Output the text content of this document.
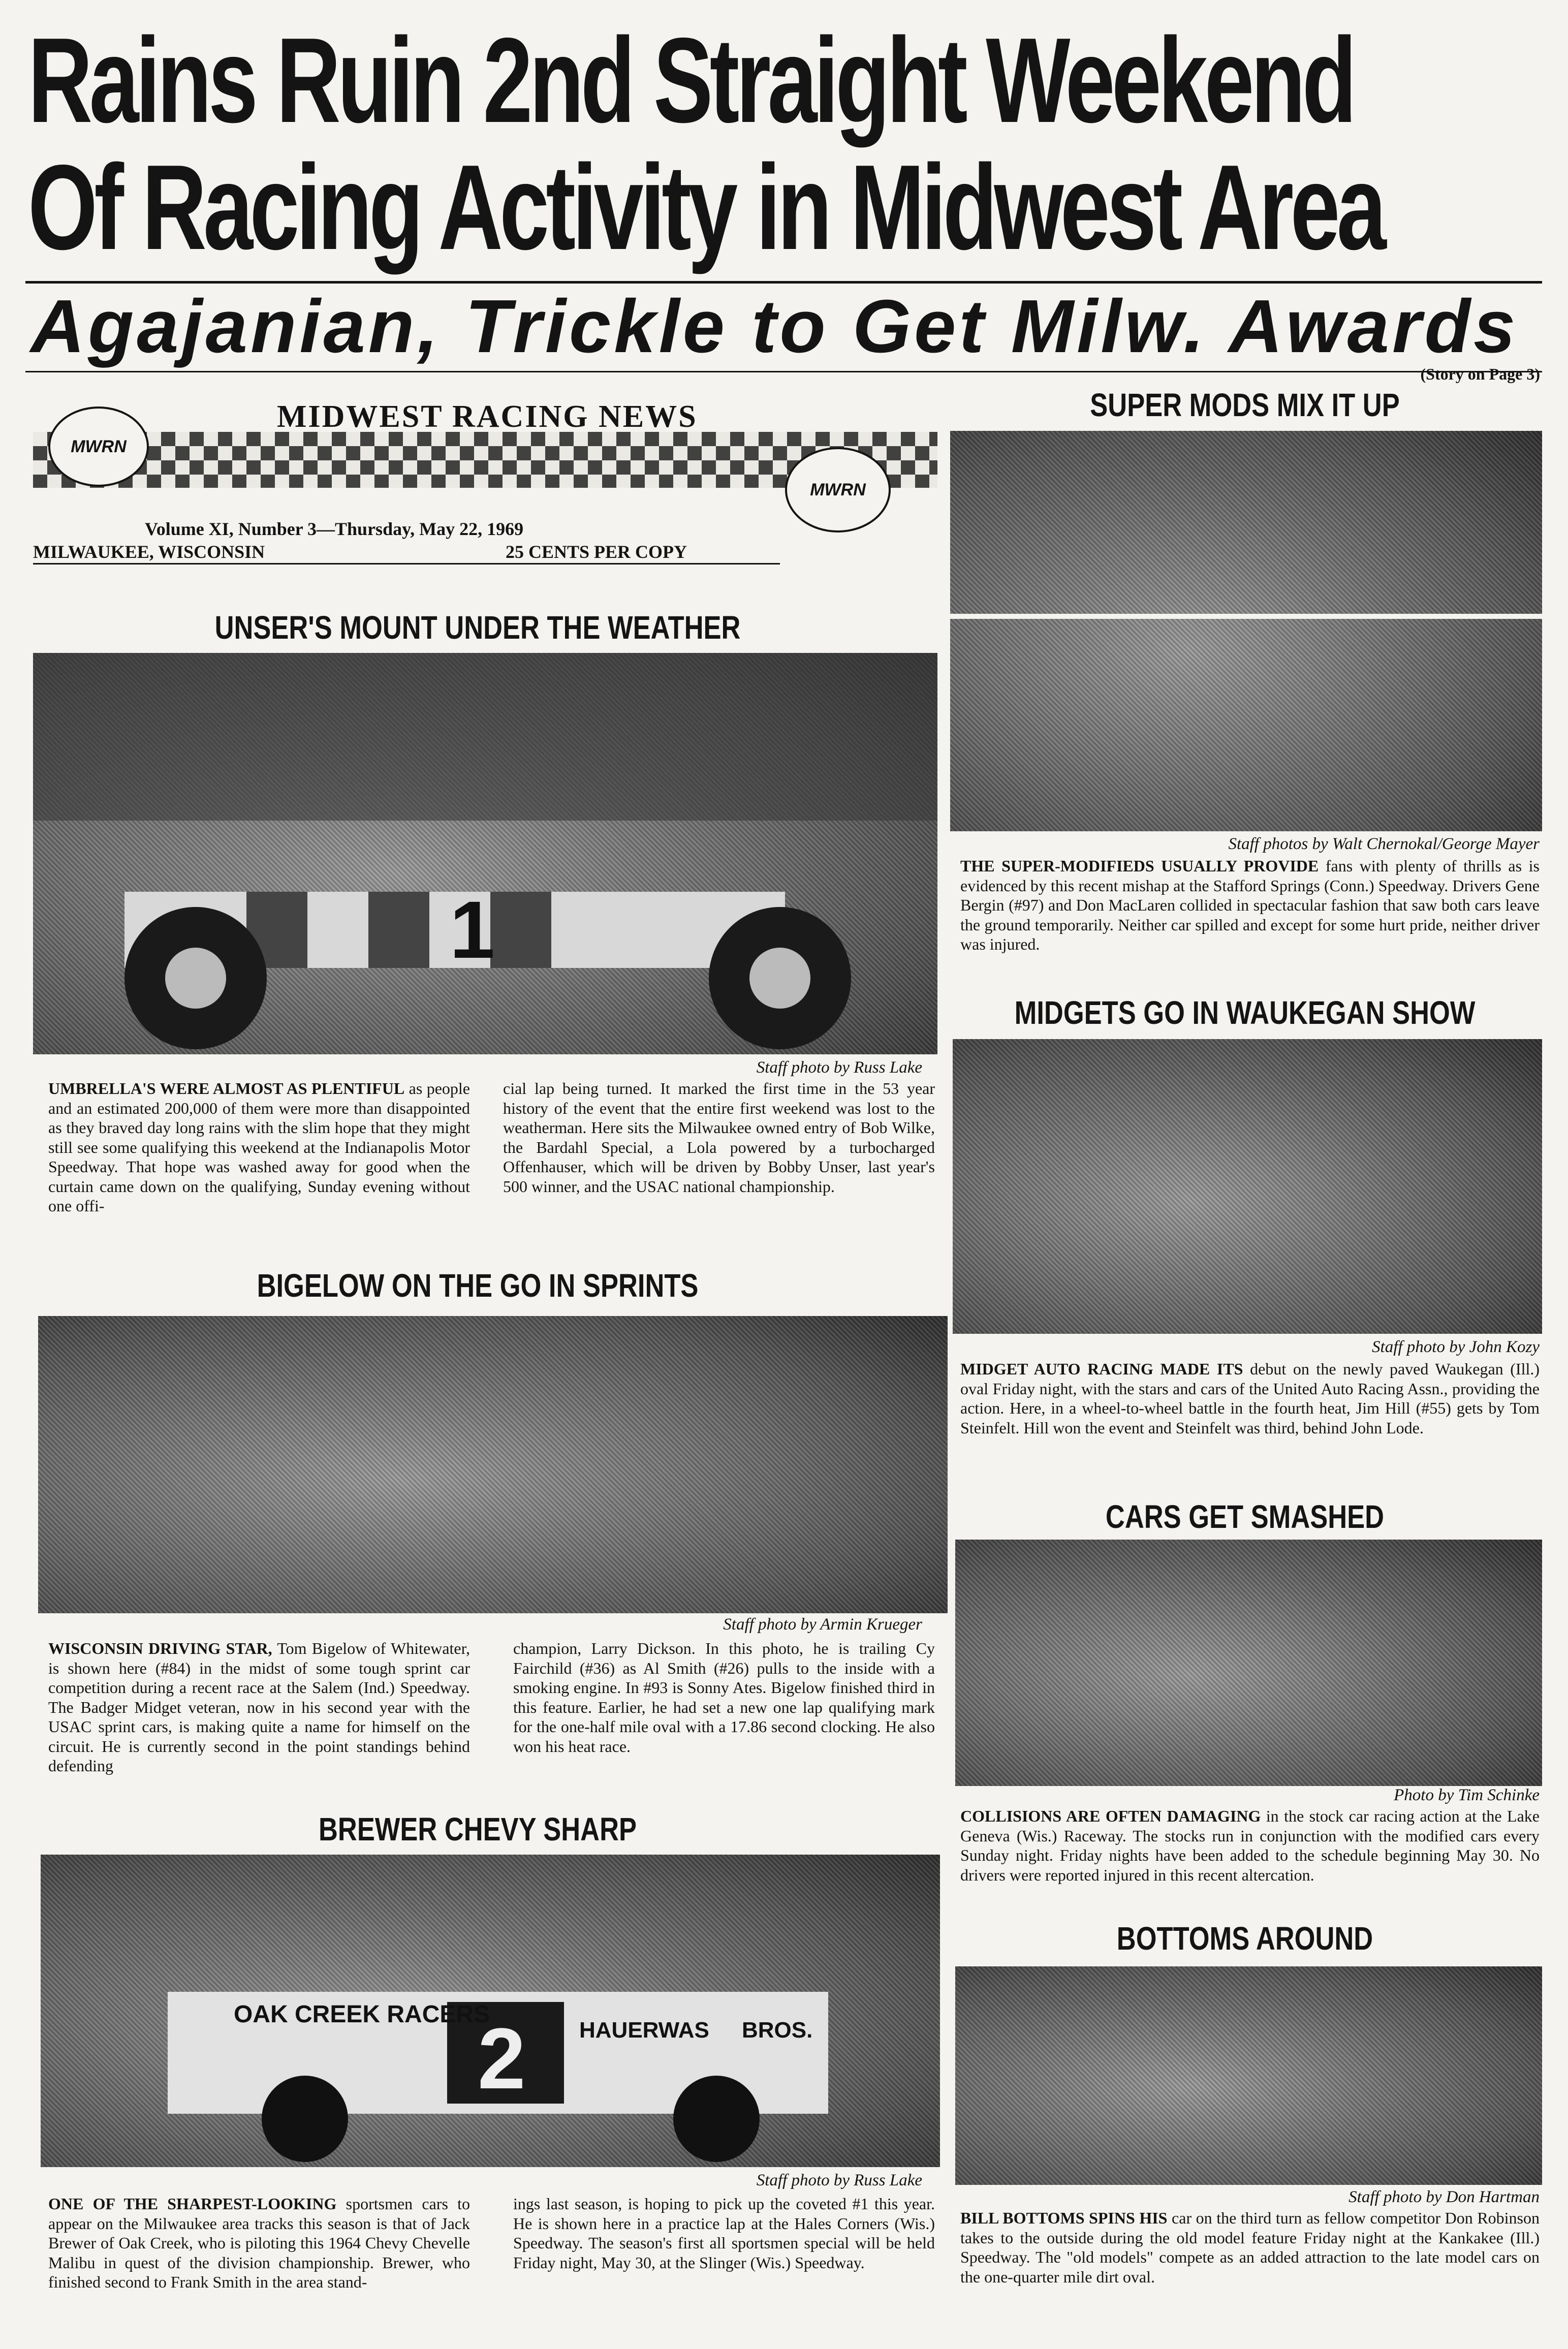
Rains Ruin 2nd Straight Weekend
Of Racing Activity in Midwest Area
Agajanian, Trickle to Get Milw. Awards
(Story on Page 3)
MWRN
MIDWEST RACING NEWS
MWRN
Volume XI, Number 3—Thursday, May 22, 1969
MILWAUKEE, WISCONSIN	25 CENTS PER COPY
UNSER'S MOUNT UNDER THE WEATHER
1
Staff photo by Russ Lake
UMBRELLA'S WERE ALMOST AS PLENTIFUL as people and an estimated 200,000 of them were more than disappointed as they braved day long rains with the slim hope that they might still see some qualifying this weekend at the Indianapolis Motor Speedway. That hope was washed away for good when the curtain came down on the qualifying, Sunday evening without one offi-
cial lap being turned. It marked the first time in the 53 year history of the event that the entire first weekend was lost to the weatherman. Here sits the Milwaukee owned entry of Bob Wilke, the Bardahl Special, a Lola powered by a turbocharged Offenhauser, which will be driven by Bobby Unser, last year's 500 winner, and the USAC national championship.
BIGELOW ON THE GO IN SPRINTS
Staff photo by Armin Krueger
WISCONSIN DRIVING STAR, Tom Bigelow of Whitewater, is shown here (#84) in the midst of some tough sprint car competition during a recent race at the Salem (Ind.) Speedway. The Badger Midget veteran, now in his second year with the USAC sprint cars, is making quite a name for himself on the circuit. He is currently second in the point standings behind defending
champion, Larry Dickson. In this photo, he is trailing Cy Fairchild (#36) as Al Smith (#26) pulls to the inside with a smoking engine. In #93 is Sonny Ates. Bigelow finished third in this feature. Earlier, he had set a new one lap qualifying mark for the one-half mile oval with a 17.86 second clocking. He also won his heat race.
BREWER CHEVY SHARP
OAK CREEK RACERS
2 HAUERWAS BROS.
Staff photo by Russ Lake
ONE OF THE SHARPEST-LOOKING sportsmen cars to appear on the Milwaukee area tracks this season is that of Jack Brewer of Oak Creek, who is piloting this 1964 Chevy Chevelle Malibu in quest of the division championship. Brewer, who finished second to Frank Smith in the area stand-
ings last season, is hoping to pick up the coveted #1 this year. He is shown here in a practice lap at the Hales Corners (Wis.) Speedway. The season's first all sportsmen special will be held Friday night, May 30, at the Slinger (Wis.) Speedway.
SUPER MODS MIX IT UP
Staff photos by Walt Chernokal/George Mayer
THE SUPER-MODIFIEDS USUALLY PROVIDE fans with plenty of thrills as is evidenced by this recent mishap at the Stafford Springs (Conn.) Speedway. Drivers Gene Bergin (#97) and Don MacLaren collided in spectacular fashion that saw both cars leave the ground temporarily. Neither car spilled and except for some hurt pride, neither driver was injured.
MIDGETS GO IN WAUKEGAN SHOW
Staff photo by John Kozy
MIDGET AUTO RACING MADE ITS debut on the newly paved Waukegan (Ill.) oval Friday night, with the stars and cars of the United Auto Racing Assn., providing the action. Here, in a wheel-to-wheel battle in the fourth heat, Jim Hill (#55) gets by Tom Steinfelt. Hill won the event and Steinfelt was third, behind John Lode.
CARS GET SMASHED
Photo by Tim Schinke
COLLISIONS ARE OFTEN DAMAGING in the stock car racing action at the Lake Geneva (Wis.) Raceway. The stocks run in conjunction with the modified cars every Sunday night. Friday nights have been added to the schedule beginning May 30. No drivers were reported injured in this recent altercation.
BOTTOMS AROUND
Staff photo by Don Hartman
BILL BOTTOMS SPINS HIS car on the third turn as fellow competitor Don Robinson takes to the outside during the old model feature Friday night at the Kankakee (Ill.) Speedway. The "old models" compete as an added attraction to the late model cars on the one-quarter mile dirt oval.
